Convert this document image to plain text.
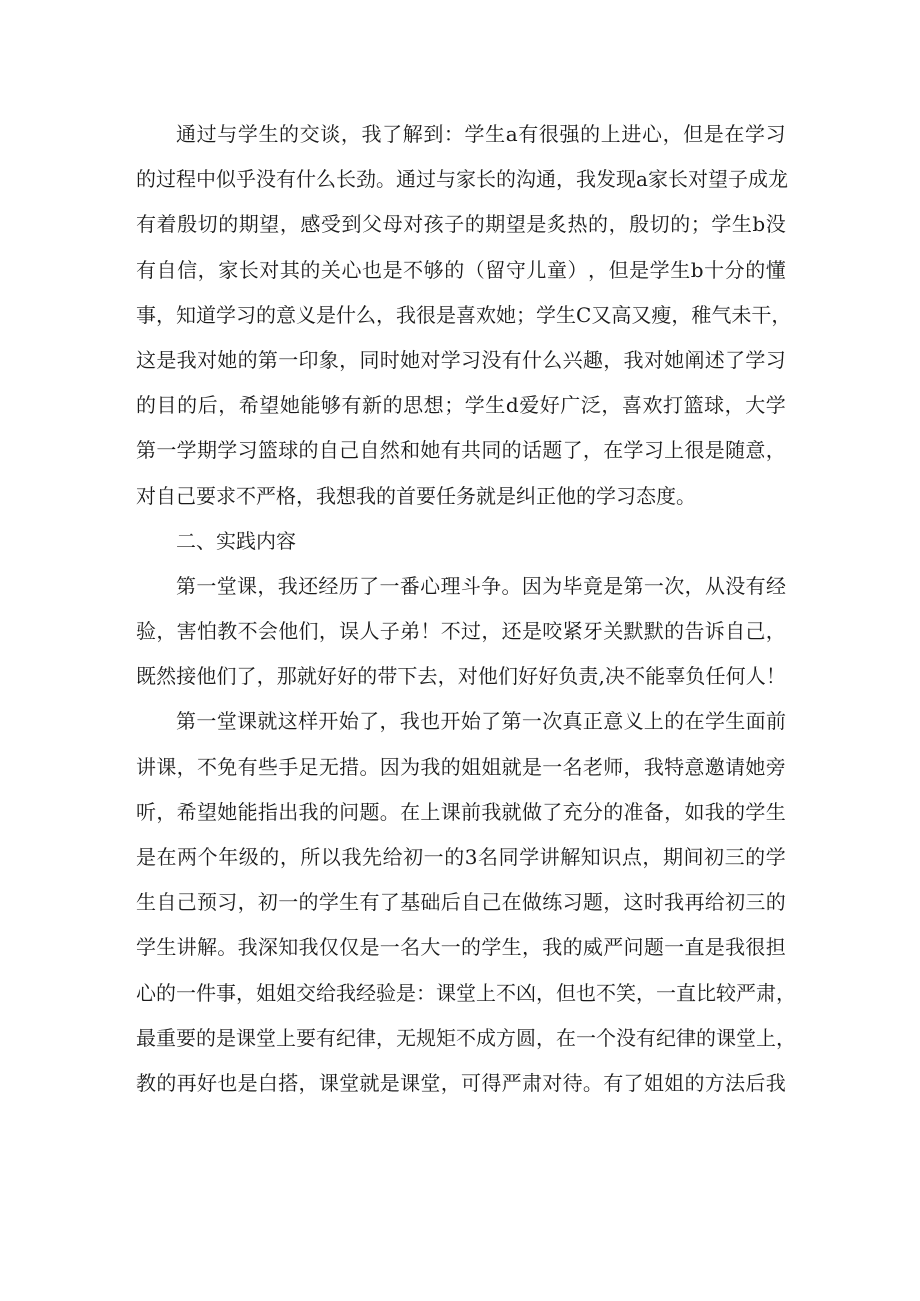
通 过 与 学 生 的 交 谈 ， 我 了 解 到 ： 学 生 a 有 很 强 的 上 进 心 ， 但 是 在 学 习
的 过 程 中 似 乎 没 有 什 么 长 劲 。 通 过 与 家 长 的 沟 通 ， 我 发 现 a 家 长 对 望 子 成 龙
有 着 殷 切 的 期 望 ， 感 受 到 父 母 对 孩 子 的 期 望 是 炙 热 的 ， 殷 切 的 ； 学 生 b 没
有 自 信 ， 家 长 对 其 的 关 心 也 是 不 够 的 （ 留 守 儿 童 ） ， 但 是 学 生 b 十 分 的 懂
事 ， 知 道 学 习 的 意 义 是 什 么 ， 我 很 是 喜 欢 她 ； 学 生 C 又 高 又 瘦 ， 稚 气 未 干 ，
这 是 我 对 她 的 第 一 印 象 ， 同 时 她 对 学 习 没 有 什 么 兴 趣 ， 我 对 她 阐 述 了 学 习
的 目 的 后 ， 希 望 她 能 够 有 新 的 思 想 ； 学 生 d 爱 好 广 泛 ， 喜 欢 打 篮 球 ， 大 学
第 一 学 期 学 习 篮 球 的 自 己 自 然 和 她 有 共 同 的 话 题 了 ， 在 学 习 上 很 是 随 意 ，
对自己要求不严格，我想我的首要任务就是纠正他的学习态度。
二、实践内容
第 一 堂 课 ， 我 还 经 历 了 一 番 心 理 斗 争 。 因 为 毕 竟 是 第 一 次 ， 从 没 有 经
验 ， 害 怕 教 不 会 他 们 ， 误 人 子 弟 ！ 不 过 ， 还 是 咬 紧 牙 关 默 默 的 告 诉 自 己 ，
既 然 接 他 们 了 ， 那 就 好 好 的 带 下 去 ， 对 他 们 好 好 负 责 , 决 不 能 辜 负 任 何 人 ！
第 一 堂 课 就 这 样 开 始 了 ， 我 也 开 始 了 第 一 次 真 正 意 义 上 的 在 学 生 面 前
讲 课 ， 不 免 有 些 手 足 无 措 。 因 为 我 的 姐 姐 就 是 一 名 老 师 ， 我 特 意 邀 请 她 旁
听 ， 希 望 她 能 指 出 我 的 问 题 。 在 上 课 前 我 就 做 了 充 分 的 准 备 ， 如 我 的 学 生
是 在 两 个 年 级 的 ， 所 以 我 先 给 初 一 的 3 名 同 学 讲 解 知 识 点 ， 期 间 初 三 的 学
生 自 己 预 习 ， 初 一 的 学 生 有 了 基 础 后 自 己 在 做 练 习 题 ， 这 时 我 再 给 初 三 的
学 生 讲 解 。 我 深 知 我 仅 仅 是 一 名 大 一 的 学 生 ， 我 的 威 严 问 题 一 直 是 我 很 担
心 的 一 件 事 ， 姐 姐 交 给 我 经 验 是 ： 课 堂 上 不 凶 ， 但 也 不 笑 ， 一 直 比 较 严 肃 ，
最 重 要 的 是 课 堂 上 要 有 纪 律 ， 无 规 矩 不 成 方 圆 ， 在 一 个 没 有 纪 律 的 课 堂 上 ，
教 的 再 好 也 是 白 搭 ， 课 堂 就 是 课 堂 ， 可 得 严 肃 对 待 。 有 了 姐 姐 的 方 法 后 我
